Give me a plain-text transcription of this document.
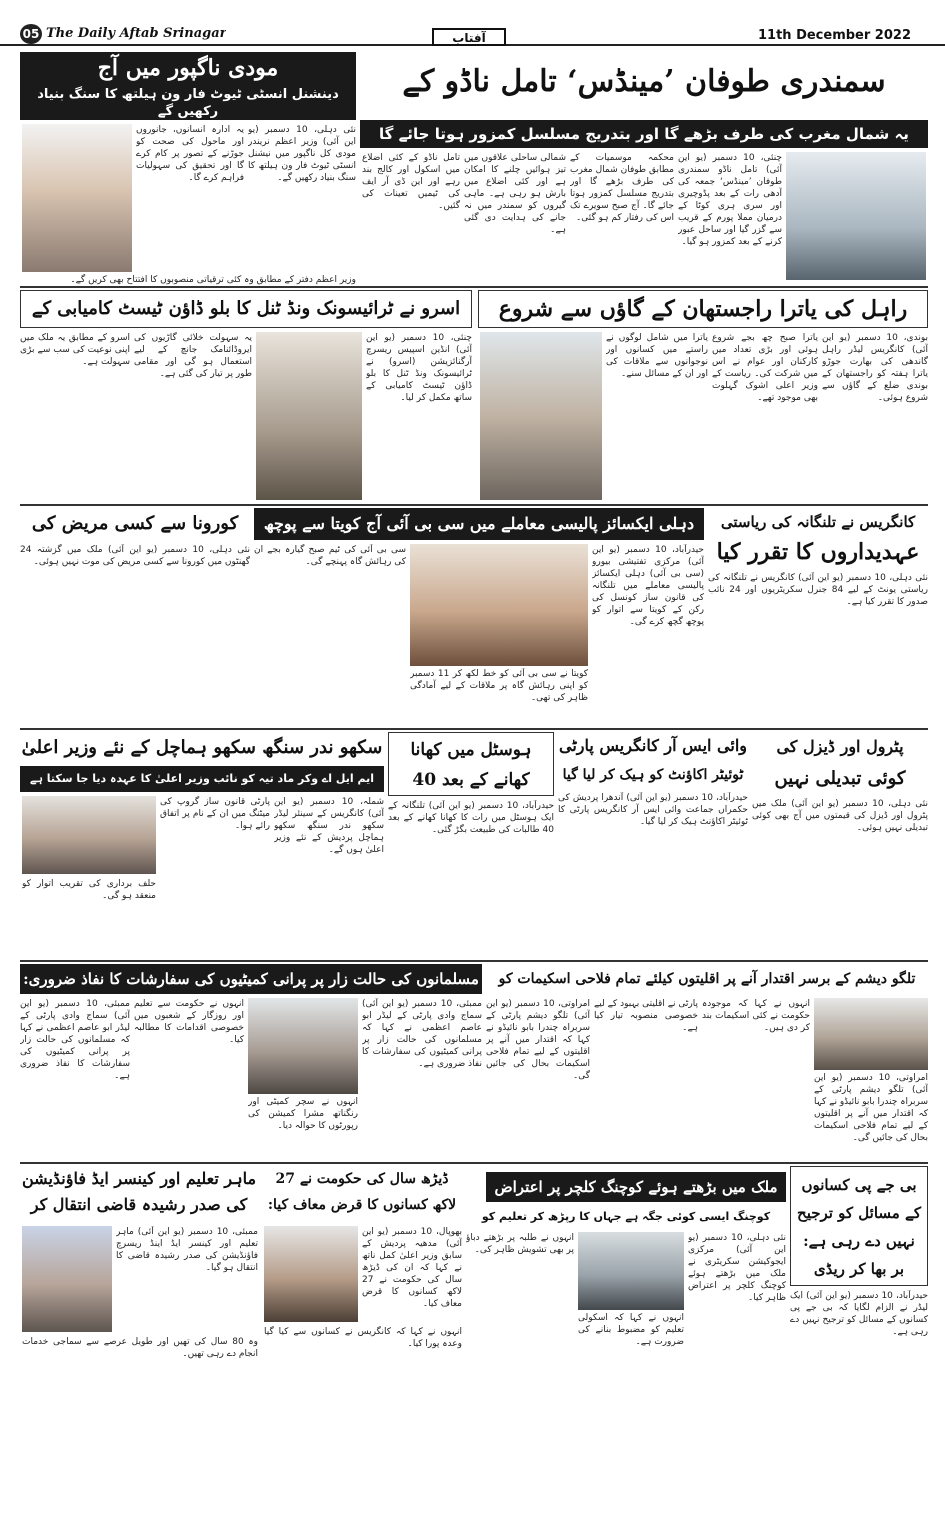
05 The Daily Aftab Srinagar	آفتاب	11th December 2022
مودی ناگپور میں آج
دینشنل انسٹی ٹیوٹ فار ون ہیلتھ کا سنگ بنیاد رکھیں گے
یہ ادارہ انسانوں، جانوروں اور ماحول کی صحت کو جوڑنے کے تصور پر کام کرے گا اور تحقیق کی سہولیات فراہم کرے گا۔
نئی دہلی، 10 دسمبر (یو این آئی) وزیر اعظم نریندر مودی کل ناگپور میں نیشنل انسٹی ٹیوٹ فار ون ہیلتھ کا سنگ بنیاد رکھیں گے۔
وزیر اعظم دفتر کے مطابق وہ کئی ترقیاتی منصوبوں کا افتتاح بھی کریں گے۔
سمندری طوفان ’مینڈس‘ تامل ناڈو کے
یہ شمال مغرب کی طرف بڑھے گا اور بتدریج مسلسل کمزور ہوتا جائے گا
چنئی، 10 دسمبر (یو این آئی) تامل ناڈو سمندری طوفان ’مینڈس‘ جمعہ کی آدھی رات کے بعد پڈوچیری اور سری ہری کوٹا کے درمیان مملا پورم کے قریب سے گزر گیا اور ساحل عبور کرنے کے بعد کمزور ہو گیا۔
محکمہ موسمیات کے مطابق طوفان شمال مغرب کی طرف بڑھے گا اور بتدریج مسلسل کمزور ہوتا جائے گا۔ آج صبح سویرے تک اس کی رفتار کم ہو گئی۔
شمالی ساحلی علاقوں میں تیز ہوائیں چلنے کا امکان ہے اور کئی اضلاع میں بارش ہو رہی ہے۔ ماہی گیروں کو سمندر میں نہ جانے کی ہدایت دی گئی ہے۔
تامل ناڈو کے کئی اضلاع میں اسکول اور کالج بند رہے اور این ڈی آر ایف کی ٹیمیں تعینات کی گئیں۔
راہل کی یاترا راجستھان کے گاؤں سے شروع
بوندی، 10 دسمبر (یو این آئی) کانگریس لیڈر راہل گاندھی کی بھارت جوڑو یاترا ہفتہ کو راجستھان کے بوندی ضلع کے گاؤں سے شروع ہوئی۔
یاترا صبح چھ بجے شروع ہوئی اور بڑی تعداد میں کارکنان اور عوام نے اس میں شرکت کی۔ ریاست کے وزیر اعلی اشوک گہلوت بھی موجود تھے۔
یاترا میں شامل لوگوں نے راستے میں کسانوں اور نوجوانوں سے ملاقات کی اور ان کے مسائل سنے۔
اسرو نے ٹرائیسونک ونڈ ٹنل کا بلو ڈاؤن ٹیسٹ کامیابی کے
چنئی، 10 دسمبر (یو این آئی) انڈین اسپیس ریسرچ آرگنائزیشن (اسرو) نے ٹرائیسونک ونڈ ٹنل کا بلو ڈاؤن ٹیسٹ کامیابی کے ساتھ مکمل کر لیا۔
یہ سہولت خلائی گاڑیوں کی ایروڈائنامک جانچ کے لیے استعمال ہو گی اور مقامی طور پر تیار کی گئی ہے۔
اسرو کے مطابق یہ ملک میں اپنی نوعیت کی سب سے بڑی سہولت ہے۔
کانگریس نے تلنگانہ کی ریاستی
عہدیداروں کا تقرر کیا
نئی دہلی، 10 دسمبر (یو این آئی) کانگریس نے تلنگانہ کی ریاستی یونٹ کے لیے 84 جنرل سکریٹریوں اور 24 نائب صدور کا تقرر کیا ہے۔
دہلی ایکسائز پالیسی معاملے میں سی بی آئی آج کویتا سے پوچھ
حیدرآباد، 10 دسمبر (یو این آئی) مرکزی تفتیشی بیورو (سی بی آئی) دہلی ایکسائز پالیسی معاملے میں تلنگانہ کی قانون ساز کونسل کی رکن کے کویتا سے اتوار کو پوچھ گچھ کرے گی۔
کویتا نے سی بی آئی کو خط لکھ کر 11 دسمبر کو اپنی رہائش گاہ پر ملاقات کے لیے آمادگی ظاہر کی تھی۔
سی بی آئی کی ٹیم صبح گیارہ بجے ان کی رہائش گاہ پہنچے گی۔
کورونا سے کسی مریض کی
نئی دہلی، 10 دسمبر (یو این آئی) ملک میں گزشتہ 24 گھنٹوں میں کورونا سے کسی مریض کی موت نہیں ہوئی۔
سکھو ندر سنگھ سکھو ہماچل کے نئے وزیر اعلیٰ
ایم ایل اے وکر ماد تیہ کو نائب وزیر اعلیٰ کا عہدہ دیا جا سکتا ہے
شملہ، 10 دسمبر (یو این آئی) کانگریس کے سینئر لیڈر سکھو ندر سنگھ سکھو ہماچل پردیش کے نئے وزیر اعلیٰ ہوں گے۔
پارٹی قانون ساز گروپ کی میٹنگ میں ان کے نام پر اتفاق رائے ہوا۔
حلف برداری کی تقریب اتوار کو منعقد ہو گی۔
ہوسٹل میں کھانا کھانے کے بعد 40
حیدرآباد، 10 دسمبر (یو این آئی) تلنگانہ کے ایک ہوسٹل میں رات کا کھانا کھانے کے بعد 40 طالبات کی طبیعت بگڑ گئی۔
وائی ایس آر کانگریس پارٹی
ٹوئیٹر اکاؤنٹ کو ہیک کر لیا گیا
حیدرآباد، 10 دسمبر (یو این آئی) آندھرا پردیش کی حکمراں جماعت وائی ایس آر کانگریس پارٹی کا ٹوئیٹر اکاؤنٹ ہیک کر لیا گیا۔
پٹرول اور ڈیزل کی
کوئی تبدیلی نہیں
نئی دہلی، 10 دسمبر (یو این آئی) ملک میں پٹرول اور ڈیزل کی قیمتوں میں آج بھی کوئی تبدیلی نہیں ہوئی۔
مسلمانوں کی حالت زار پر پرانی کمیٹیوں کی سفارشات کا نفاذ ضروری:
ممبئی، 10 دسمبر (یو این آئی) سماج وادی پارٹی کے لیڈر ابو عاصم اعظمی نے کہا کہ مسلمانوں کی حالت زار پر پرانی کمیٹیوں کی سفارشات کا نفاذ ضروری ہے۔
انہوں نے سچر کمیٹی اور رنگناتھ مشرا کمیشن کی رپورٹوں کا حوالہ دیا۔
انہوں نے حکومت سے تعلیم اور روزگار کے شعبوں میں خصوصی اقدامات کا مطالبہ کیا۔
ممبئی، 10 دسمبر (یو این آئی) سماج وادی پارٹی کے لیڈر ابو عاصم اعظمی نے کہا کہ مسلمانوں کی حالت زار پر پرانی کمیٹیوں کی سفارشات کا نفاذ ضروری ہے۔
تلگو دیشم کے برسر اقتدار آنے پر اقلیتوں کیلئے تمام فلاحی اسکیمات کو
امراوتی، 10 دسمبر (یو این آئی) تلگو دیشم پارٹی کے سربراہ چندرا بابو نائیڈو نے کہا کہ اقتدار میں آنے پر اقلیتوں کے لیے تمام فلاحی اسکیمات بحال کی جائیں گی۔
انہوں نے کہا کہ موجودہ حکومت نے کئی اسکیمات بند کر دی ہیں۔
پارٹی نے اقلیتی بہبود کے لیے خصوصی منصوبہ تیار کیا ہے۔
امراوتی، 10 دسمبر (یو این آئی) تلگو دیشم پارٹی کے سربراہ چندرا بابو نائیڈو نے کہا کہ اقتدار میں آنے پر اقلیتوں کے لیے تمام فلاحی اسکیمات بحال کی جائیں گی۔
ماہر تعلیم اور کینسر ایڈ فاؤنڈیشن کی صدر رشیدہ قاضی انتقال کر
ممبئی، 10 دسمبر (یو این آئی) ماہر تعلیم اور کینسر ایڈ اینڈ ریسرچ فاؤنڈیشن کی صدر رشیدہ قاضی کا انتقال ہو گیا۔
وہ 80 سال کی تھیں اور طویل عرصے سے سماجی خدمات انجام دے رہی تھیں۔
ڈیڑھ سال کی حکومت نے 27 لاکھ کسانوں کا قرض معاف کیا:
بھوپال، 10 دسمبر (یو این آئی) مدھیہ پردیش کے سابق وزیر اعلیٰ کمل ناتھ نے کہا کہ ان کی ڈیڑھ سال کی حکومت نے 27 لاکھ کسانوں کا قرض معاف کیا۔
انہوں نے کہا کہ کانگریس نے کسانوں سے کیا گیا وعدہ پورا کیا۔
ملک میں بڑھتے ہوئے کوچنگ کلچر پر اعتراض
کوچنگ ایسی کوئی جگہ ہے جہاں کا رپڑھ کر تعلیم کو
نئی دہلی، 10 دسمبر (یو این آئی) مرکزی ایجوکیشن سکریٹری نے ملک میں بڑھتے ہوئے کوچنگ کلچر پر اعتراض ظاہر کیا۔
انہوں نے کہا کہ اسکولی تعلیم کو مضبوط بنانے کی ضرورت ہے۔
انہوں نے طلبہ پر بڑھتے دباؤ پر بھی تشویش ظاہر کی۔
بی جے پی کسانوں کے مسائل کو ترجیح نہیں دے رہی ہے: بر بھا کر ریڈی
حیدرآباد، 10 دسمبر (یو این آئی) ایک لیڈر نے الزام لگایا کہ بی جے پی کسانوں کے مسائل کو ترجیح نہیں دے رہی ہے۔
